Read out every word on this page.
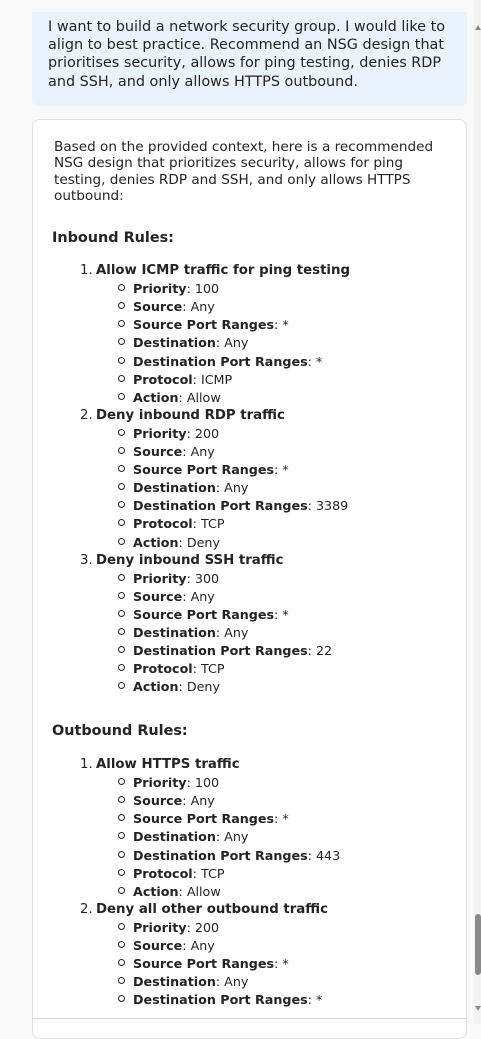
I want to build a network security group. I would like to align to best practice. Recommend an NSG design that prioritises security, allows for ping testing, denies RDP and SSH, and only allows HTTPS outbound.
Based on the provided context, here is a recommended NSG design that prioritizes security, allows for ping testing, denies RDP and SSH, and only allows HTTPS outbound:
Inbound Rules:
Outbound Rules:
1. Allow ICMP traffic for ping testing
Priority: 100
Source: Any
Source Port Ranges: *
Destination: Any
Destination Port Ranges: *
Protocol: ICMP
Action: Allow
2. Deny inbound RDP traffic
Priority: 200
Source: Any
Source Port Ranges: *
Destination: Any
Destination Port Ranges: 3389
Protocol: TCP
Action: Deny
3. Deny inbound SSH traffic
Priority: 300
Source: Any
Source Port Ranges: *
Destination: Any
Destination Port Ranges: 22
Protocol: TCP
Action: Deny
1. Allow HTTPS traffic
Priority: 100
Source: Any
Source Port Ranges: *
Destination: Any
Destination Port Ranges: 443
Protocol: TCP
Action: Allow
2. Deny all other outbound traffic
Priority: 200
Source: Any
Source Port Ranges: *
Destination: Any
Destination Port Ranges: *
